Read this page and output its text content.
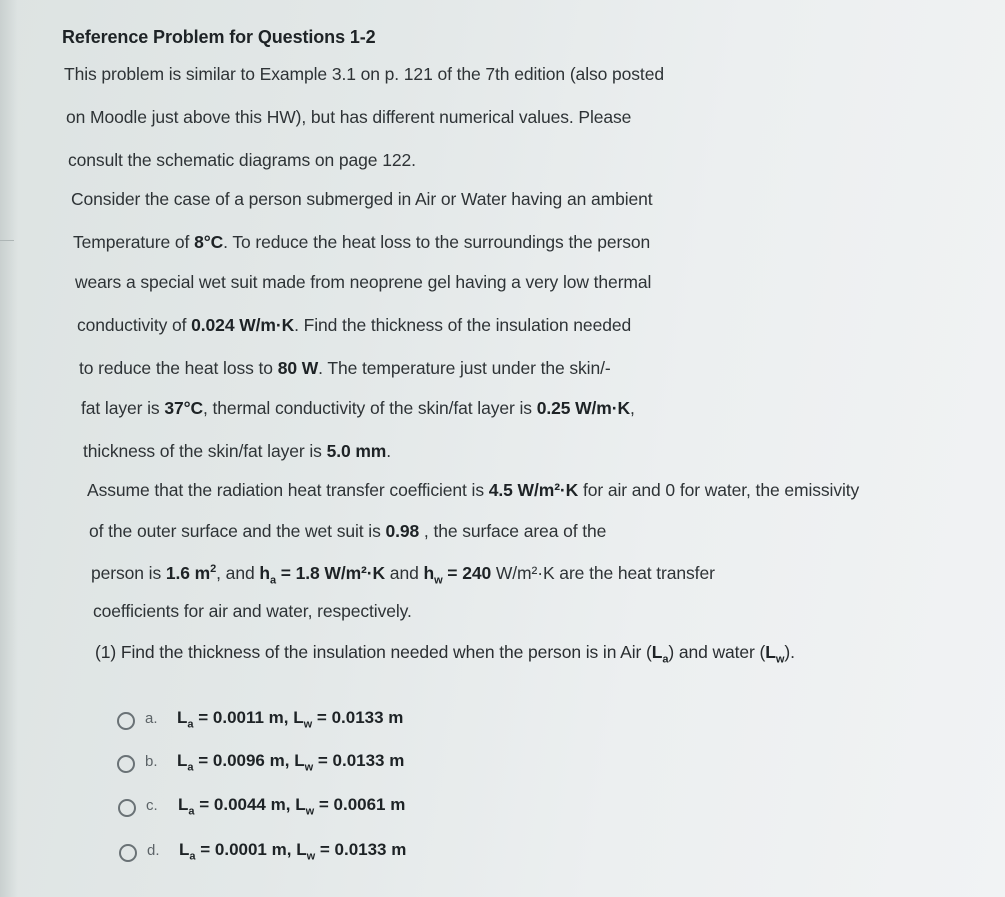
Reference Problem for Questions 1-2
This problem is similar to Example 3.1 on p. 121 of the 7th edition (also posted
on Moodle just above this HW), but has different numerical values. Please
consult the schematic diagrams on page 122.
Consider the case of a person submerged in Air or Water having an ambient
Temperature of 8°C. To reduce the heat loss to the surroundings the person
wears a special wet suit made from neoprene gel having a very low thermal
conductivity of 0.024 W/m·K. Find the thickness of the insulation needed
to reduce the heat loss to 80 W. The temperature just under the skin/-
fat layer is 37°C, thermal conductivity of the skin/fat layer is 0.25 W/m·K,
thickness of the skin/fat layer is 5.0 mm.
Assume that the radiation heat transfer coefficient is 4.5 W/m²·K for air and 0 for water, the emissivity
of the outer surface and the wet suit is 0.98 , the surface area of the
person is 1.6 $m^2$, and $h_a = 1.8$ W/m²·K and $h_w = 240$ W/m²·K are the heat transfer
coefficients for air and water, respectively.
(1) Find the thickness of the insulation needed when the person is in Air $(L_a)$ and water $(L_w)$.
a. $L_a = 0.0011$ m, $L_w = 0.0133$ m
b. $L_a = 0.0096$ m, $L_w = 0.0133$ m
c. $L_a = 0.0044$ m, $L_w = 0.0061$ m
d. $L_a = 0.0001$ m, $L_w = 0.0133$ m
